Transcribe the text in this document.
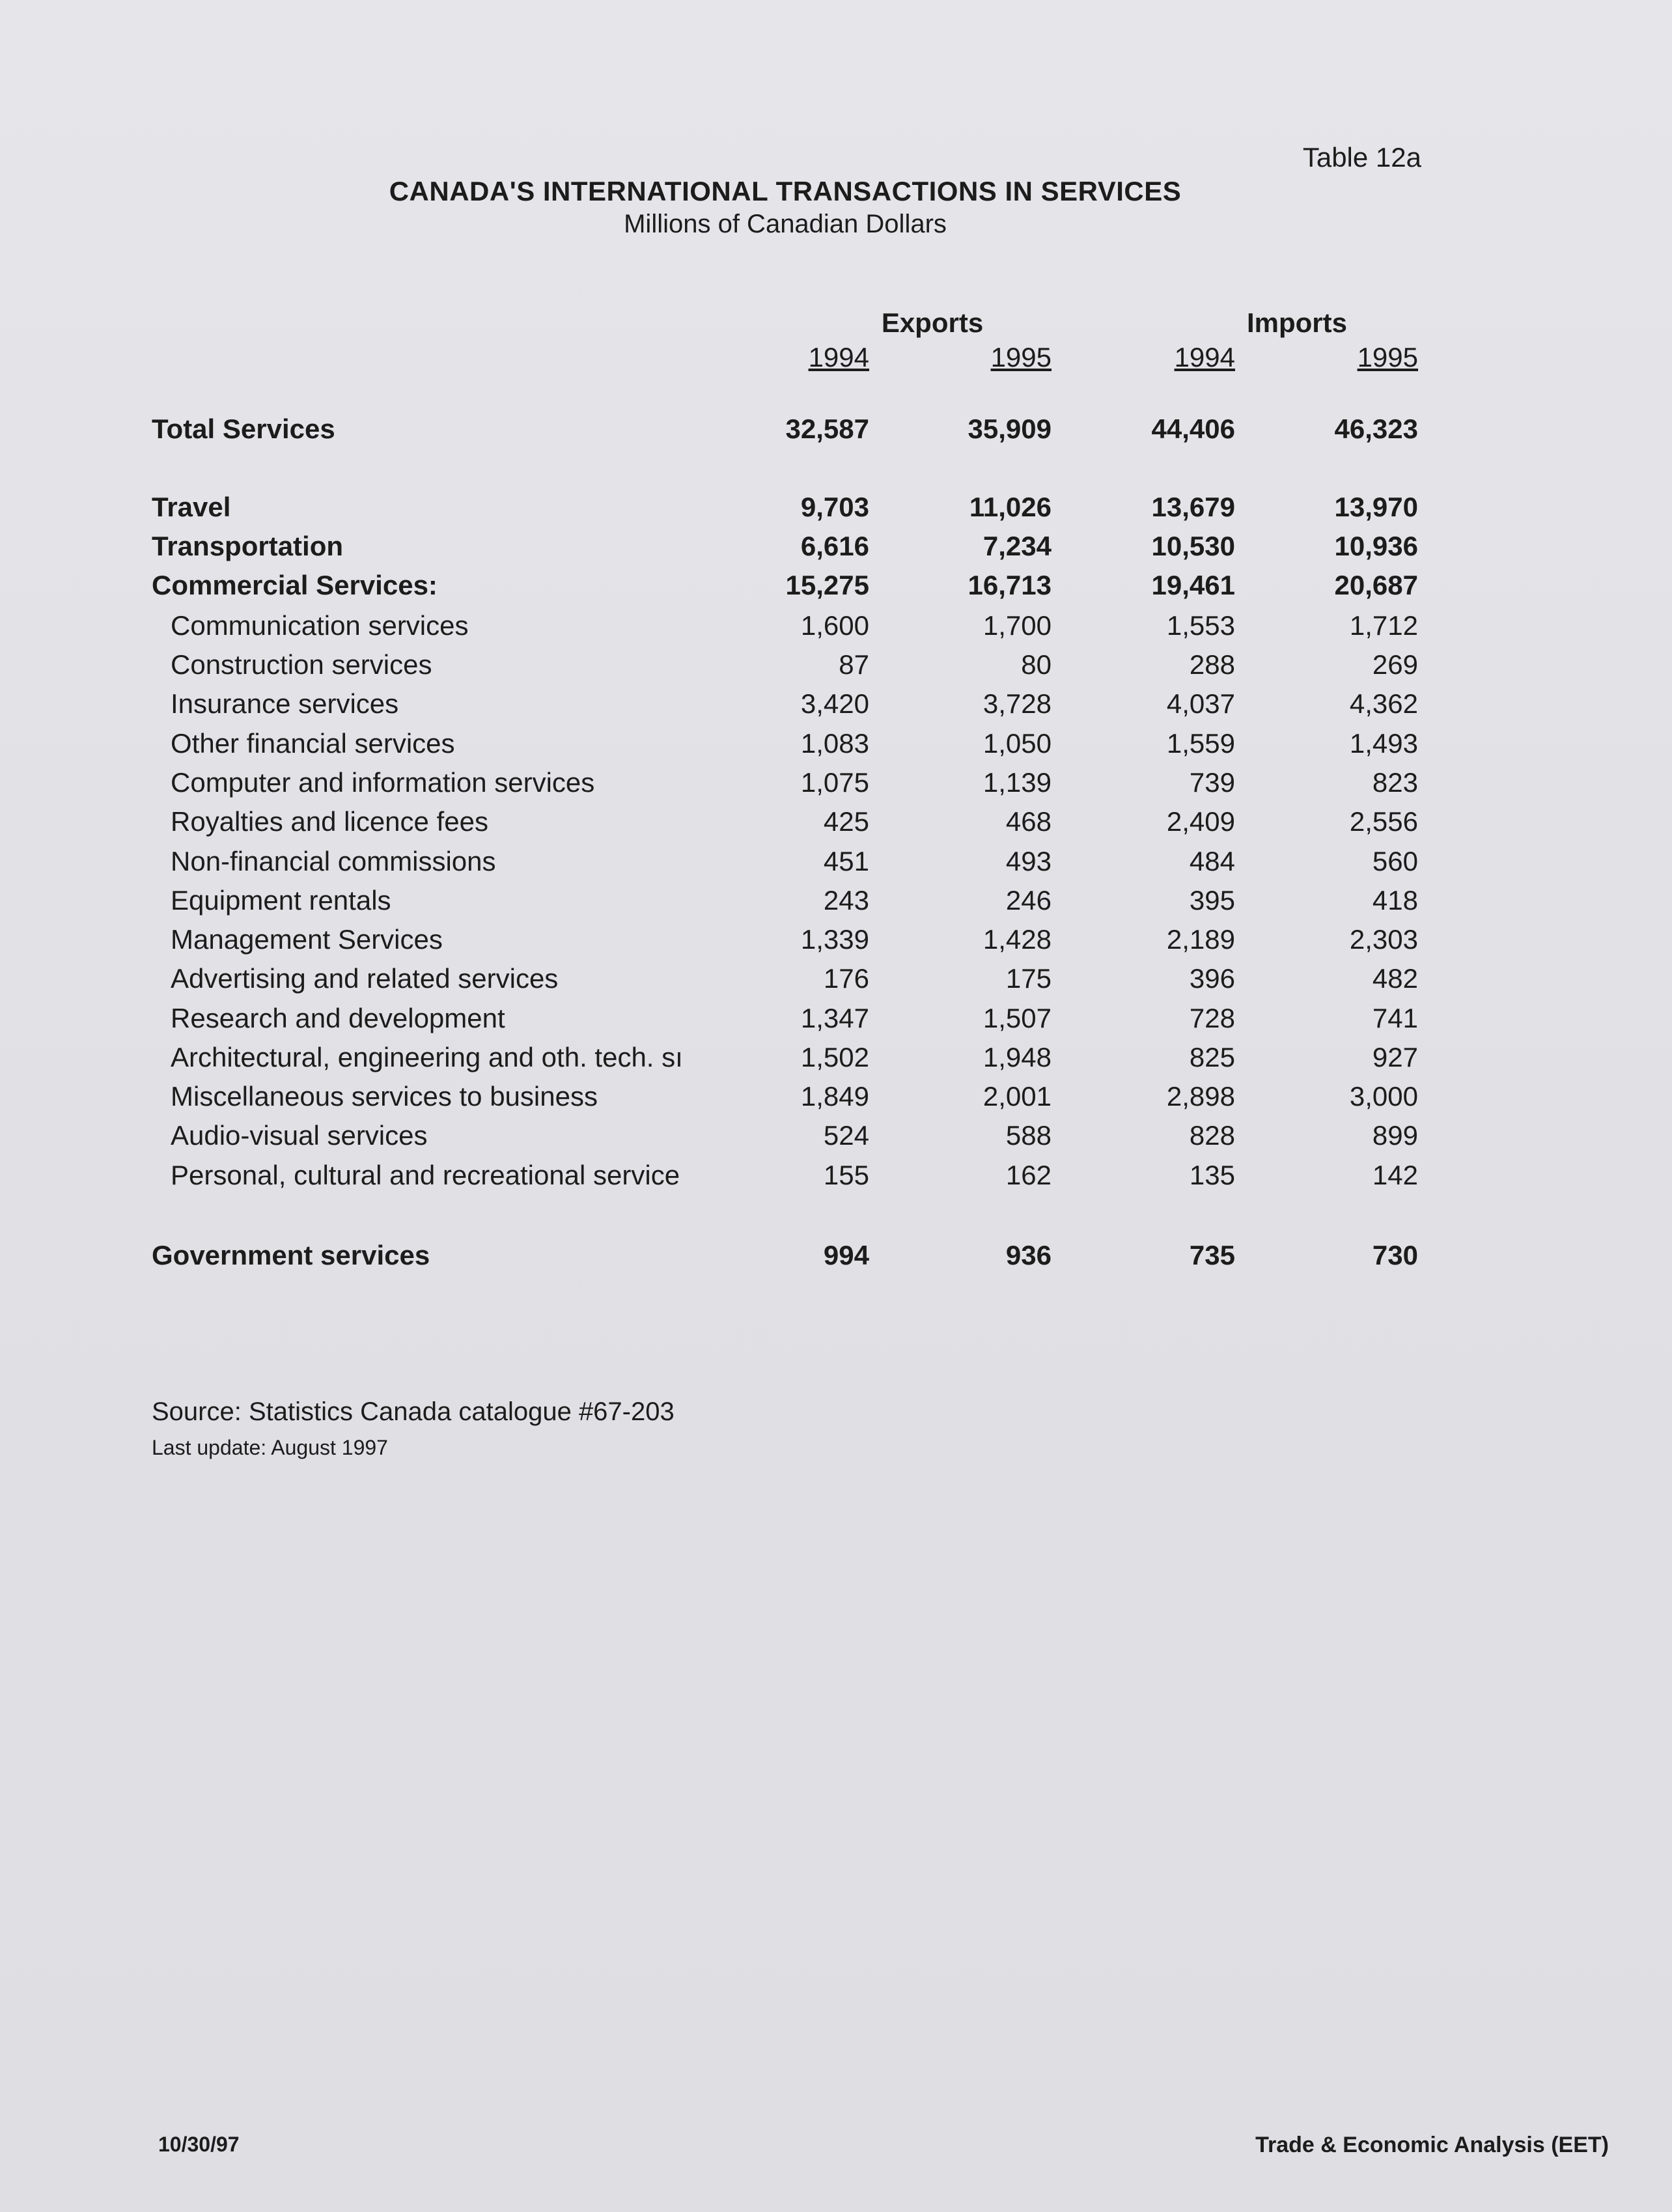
Table 12a
CANADA'S INTERNATIONAL TRANSACTIONS IN SERVICES
Millions of Canadian Dollars
Exports	Imports
1994	1995	1994	1995
Total Services	32,587	35,909	44,406	46,323
Travel	9,703	11,026	13,679	13,970
Transportation	6,616	7,234	10,530	10,936
Commercial Services:	15,275	16,713	19,461	20,687
Communication services	1,600	1,700	1,553	1,712
Construction services	87	80	288	269
Insurance services	3,420	3,728	4,037	4,362
Other financial services	1,083	1,050	1,559	1,493
Computer and information services	1,075	1,139	739	823
Royalties and licence fees	425	468	2,409	2,556
Non-financial commissions	451	493	484	560
Equipment rentals	243	246	395	418
Management Services	1,339	1,428	2,189	2,303
Advertising and related services	176	175	396	482
Research and development	1,347	1,507	728	741
Architectural, engineering and oth. tech. sı	1,502	1,948	825	927
Miscellaneous services to business	1,849	2,001	2,898	3,000
Audio-visual services	524	588	828	899
Personal, cultural and recreational service	155	162	135	142
Government services	994	936	735	730
Source: Statistics Canada catalogue #67-203
Last update: August 1997
10/30/97	Trade & Economic Analysis (EET)
